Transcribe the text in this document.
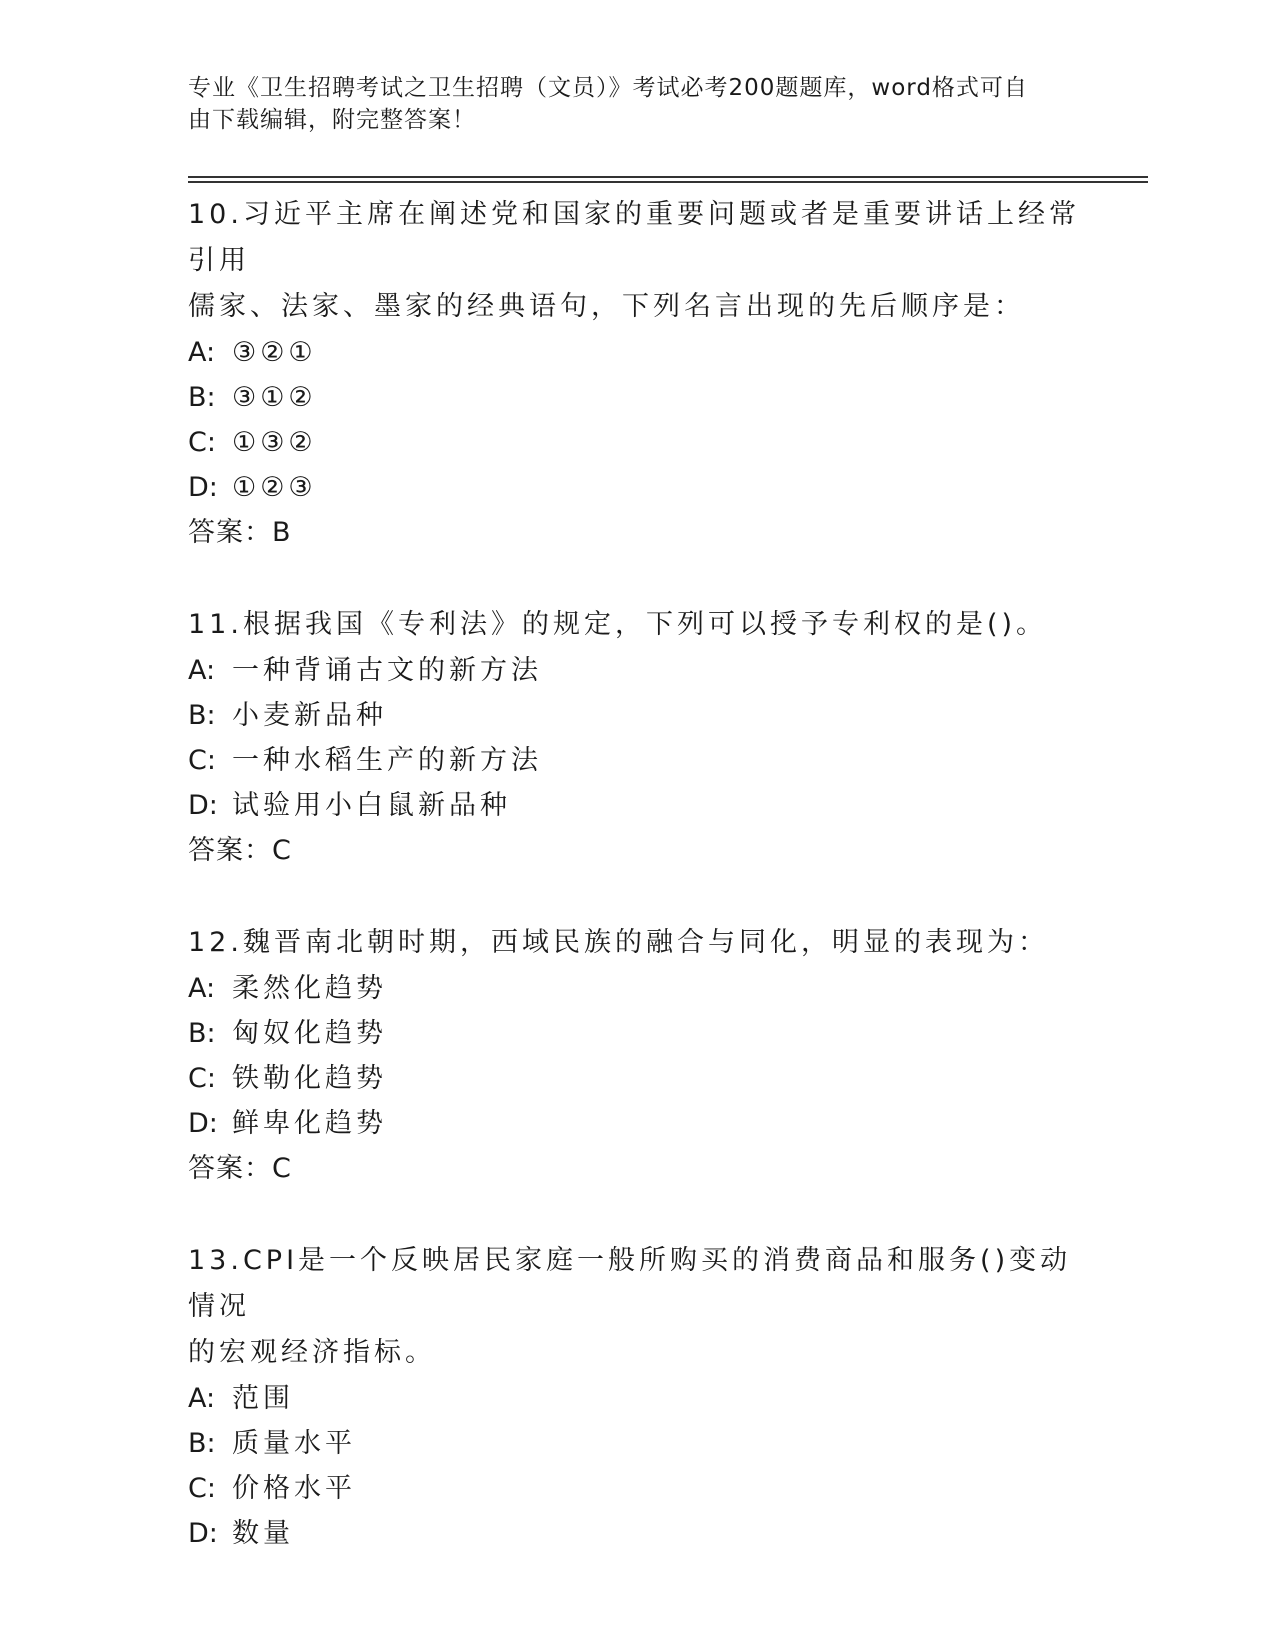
专业《卫生招聘考试之卫生招聘（文员）》考试必考200题题库，word格式可自
由下载编辑，附完整答案！

10.习近平主席在阐述党和国家的重要问题或者是重要讲话上经常引用

儒家、法家、墨家的经典语句，下列名言出现的先后顺序是：

A: ③②①

B: ③①②

C: ①③②

D: ①②③

答案：B

11.根据我国《专利法》的规定，下列可以授予专利权的是()。

A: 一种背诵古文的新方法

B: 小麦新品种

C: 一种水稻生产的新方法

D: 试验用小白鼠新品种

答案：C

12.魏晋南北朝时期，西域民族的融合与同化，明显的表现为：

A: 柔然化趋势

B: 匈奴化趋势

C: 铁勒化趋势

D: 鲜卑化趋势

答案：C

13.CPI是一个反映居民家庭一般所购买的消费商品和服务()变动情况

的宏观经济指标。

A: 范围

B: 质量水平

C: 价格水平

D: 数量
